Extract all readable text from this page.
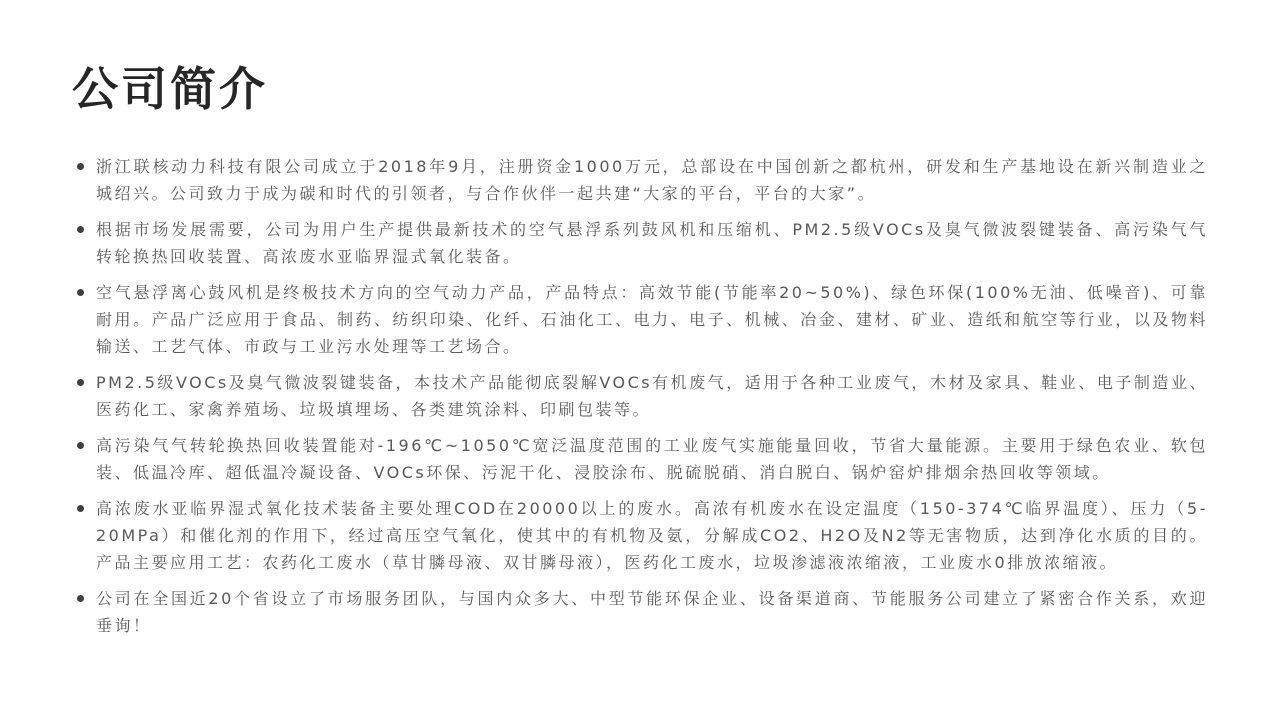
公司简介
浙江联核动力科技有限公司成立于2018年9月，注册资金1000万元，总部设在中国创新之都杭州，研发和生产基地设在新兴制造业之城绍兴。公司致力于成为碳和时代的引领者，与合作伙伴一起共建“大家的平台，平台的大家”。
根据市场发展需要，公司为用户生产提供最新技术的空气悬浮系列鼓风机和压缩机、PM2.5级VOCs及臭气微波裂键装备、高污染气气转轮换热回收装置、高浓废水亚临界湿式氧化装备。
空气悬浮离心鼓风机是终极技术方向的空气动力产品，产品特点：高效节能(节能率20~50%)、绿色环保(100%无油、低噪音)、可靠耐用。产品广泛应用于食品、制药、纺织印染、化纤、石油化工、电力、电子、机械、冶金、建材、矿业、造纸和航空等行业，以及物料输送、工艺气体、市政与工业污水处理等工艺场合。
PM2.5级VOCs及臭气微波裂键装备，本技术产品能彻底裂解VOCs有机废气，适用于各种工业废气，木材及家具、鞋业、电子制造业、医药化工、家禽养殖场、垃圾填埋场、各类建筑涂料、印刷包装等。
高污染气气转轮换热回收装置能对-196℃~1050℃宽泛温度范围的工业废气实施能量回收，节省大量能源。主要用于绿色农业、软包装、低温冷库、超低温冷凝设备、VOCs环保、污泥干化、浸胶涂布、脱硫脱硝、消白脱白、锅炉窑炉排烟余热回收等领域。
高浓废水亚临界湿式氧化技术装备主要处理COD在20000以上的废水。高浓有机废水在设定温度（150-374℃临界温度）、压力（5-20MPa）和催化剂的作用下，经过高压空气氧化，使其中的有机物及氨，分解成CO2、H2O及N2等无害物质，达到净化水质的目的。产品主要应用工艺：农药化工废水（草甘膦母液、双甘膦母液），医药化工废水，垃圾渗滤液浓缩液，工业废水0排放浓缩液。
公司在全国近20个省设立了市场服务团队，与国内众多大、中型节能环保企业、设备渠道商、节能服务公司建立了紧密合作关系，欢迎垂询！
